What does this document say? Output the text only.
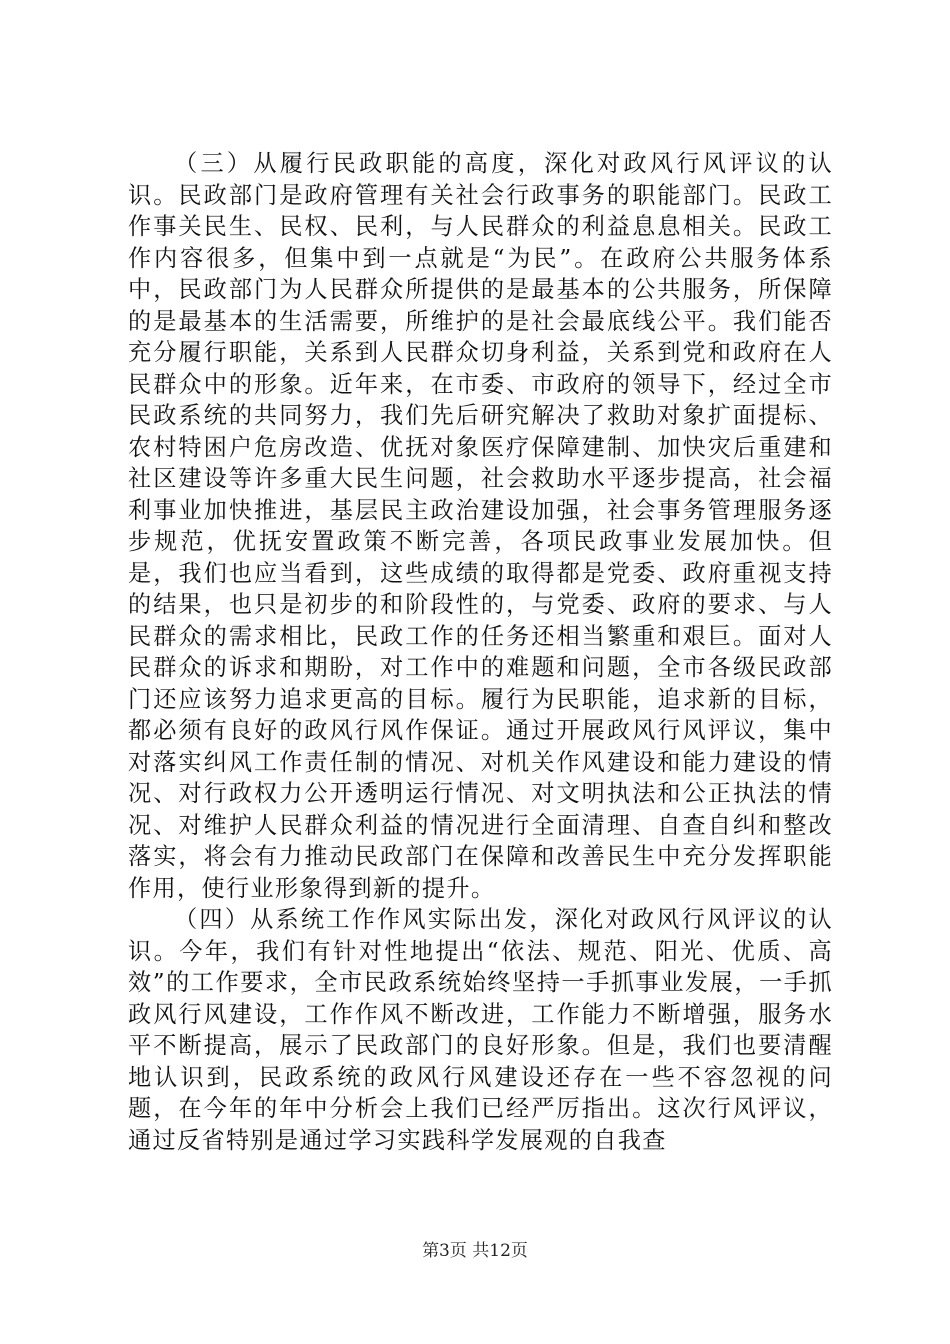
（三）从履行民政职能的高度，深化对政风行风评议的认识。民政部门是政府管理有关社会行政事务的职能部门。民政工作事关民生、民权、民利，与人民群众的利益息息相关。民政工作内容很多，但集中到一点就是“为民”。在政府公共服务体系中，民政部门为人民群众所提供的是最基本的公共服务，所保障的是最基本的生活需要，所维护的是社会最底线公平。我们能否充分履行职能，关系到人民群众切身利益，关系到党和政府在人民群众中的形象。近年来，在市委、市政府的领导下，经过全市民政系统的共同努力，我们先后研究解决了救助对象扩面提标、农村特困户危房改造、优抚对象医疗保障建制、加快灾后重建和社区建设等许多重大民生问题，社会救助水平逐步提高，社会福利事业加快推进，基层民主政治建设加强，社会事务管理服务逐步规范，优抚安置政策不断完善，各项民政事业发展加快。但是，我们也应当看到，这些成绩的取得都是党委、政府重视支持的结果，也只是初步的和阶段性的，与党委、政府的要求、与人民群众的需求相比，民政工作的任务还相当繁重和艰巨。面对人民群众的诉求和期盼，对工作中的难题和问题，全市各级民政部门还应该努力追求更高的目标。履行为民职能，追求新的目标，都必须有良好的政风行风作保证。通过开展政风行风评议，集中对落实纠风工作责任制的情况、对机关作风建设和能力建设的情况、对行政权力公开透明运行情况、对文明执法和公正执法的情况、对维护人民群众利益的情况进行全面清理、自查自纠和整改落实，将会有力推动民政部门在保障和改善民生中充分发挥职能作用，使行业形象得到新的提升。

（四）从系统工作作风实际出发，深化对政风行风评议的认识。今年，我们有针对性地提出“依法、规范、阳光、优质、高效”的工作要求，全市民政系统始终坚持一手抓事业发展，一手抓政风行风建设，工作作风不断改进，工作能力不断增强，服务水平不断提高，展示了民政部门的良好形象。但是，我们也要清醒地认识到，民政系统的政风行风建设还存在一些不容忽视的问题，在今年的年中分析会上我们已经严厉指出。这次行风评议，通过反省特别是通过学习实践科学发展观的自我查

第3页 共12页
